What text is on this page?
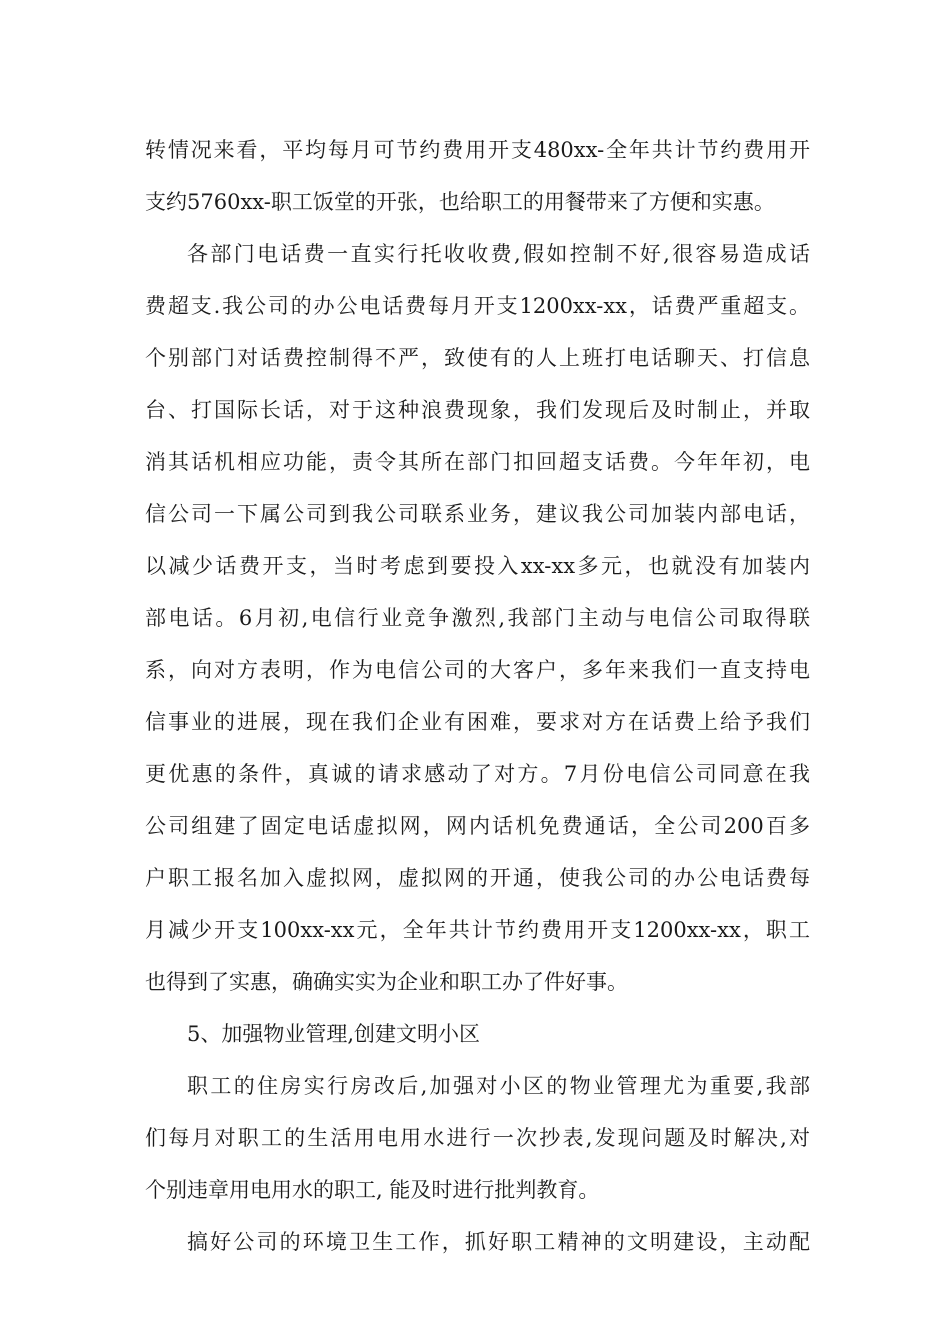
转情况来看，平均每月可节约费用开支480xx-全年共计节约费用开
支约5760xx-职工饭堂的开张，也给职工的用餐带来了方便和实惠。
各部门电话费一直实行托收收费,假如控制不好,很容易造成话
费超支.我公司的办公电话费每月开支1200xx-xx，话费严重超支。
个别部门对话费控制得不严，致使有的人上班打电话聊天、打信息
台、打国际长话，对于这种浪费现象，我们发现后及时制止，并取
消其话机相应功能，责令其所在部门扣回超支话费。今年年初，电
信公司一下属公司到我公司联系业务，建议我公司加装内部电话，
以减少话费开支，当时考虑到要投入xx-xx多元，也就没有加装内
部电话。6月初,电信行业竞争激烈,我部门主动与电信公司取得联
系，向对方表明，作为电信公司的大客户，多年来我们一直支持电
信事业的进展，现在我们企业有困难，要求对方在话费上给予我们
更优惠的条件，真诚的请求感动了对方。7月份电信公司同意在我
公司组建了固定电话虚拟网，网内话机免费通话，全公司200百多
户职工报名加入虚拟网，虚拟网的开通，使我公司的办公电话费每
月减少开支100xx-xx元，全年共计节约费用开支1200xx-xx，职工
也得到了实惠，确确实实为企业和职工办了件好事。
5、加强物业管理,创建文明小区
职工的住房实行房改后,加强对小区的物业管理尤为重要,我部
们每月对职工的生活用电用水进行一次抄表,发现问题及时解决,对
个别违章用电用水的职工, 能及时进行批判教育。
搞好公司的环境卫生工作，抓好职工精神的文明建设，主动配
